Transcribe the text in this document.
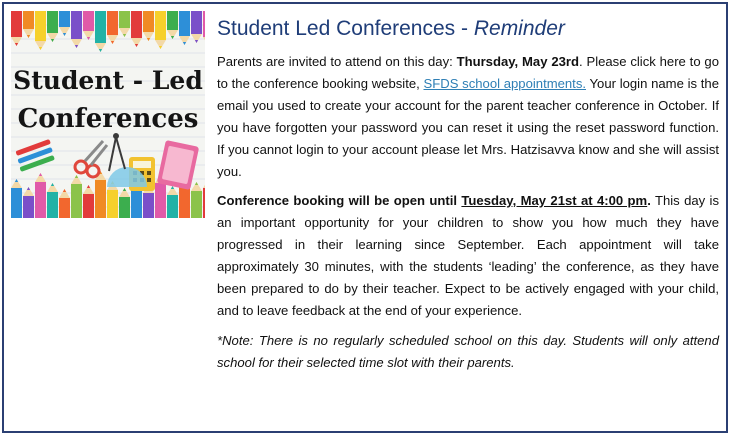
Student - Led
Conferences
Student Led Conferences - Reminder

Parents are invited to attend on this day: Thursday, May 23rd. Please click here to go to the conference booking website, SFDS school appointments. Your login name is the email you used to create your account for the parent teacher conference in October. If you have forgotten your password you can reset it using the reset password function. If you cannot login to your account please let Mrs. Hatzisavva know and she will assist you.

Conference booking will be open until Tuesday, May 21st at 4:00 pm. This day is an important opportunity for your children to show you how much they have progressed in their learning since September. Each appointment will take approximately 30 minutes, with the students ‘leading’ the conference, as they have been prepared to do by their teacher. Expect to be actively engaged with your child, and to leave feedback at the end of your experience.

*Note: There is no regularly scheduled school on this day. Students will only attend school for their selected time slot with their parents.
